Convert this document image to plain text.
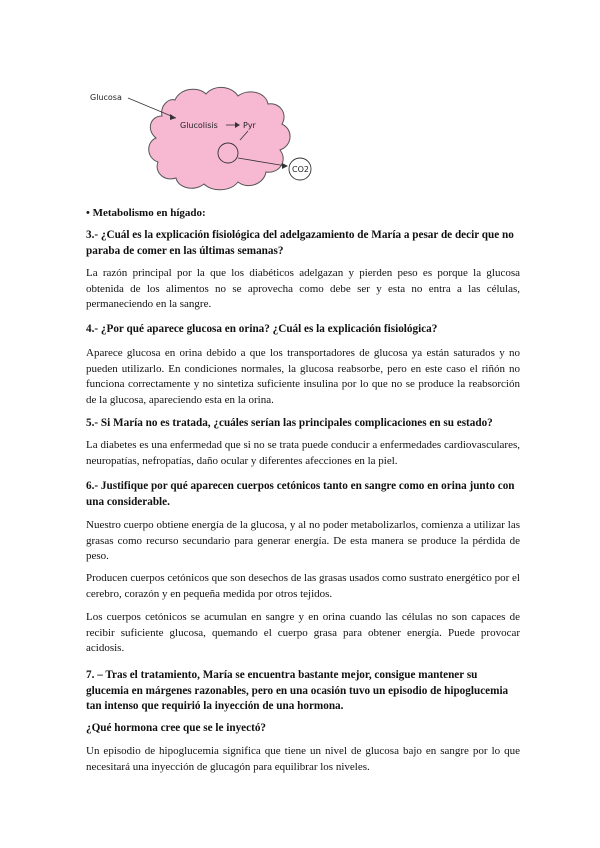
Glucosa
Glucolisis	Pyr
CO2

• Metabolismo en hígado:

3.- ¿Cuál es la explicación fisiológica del adelgazamiento de María a pesar de decir que no paraba de comer en las últimas semanas?

La razón principal por la que los diabéticos adelgazan y pierden peso es porque la glucosa obtenida de los alimentos no se aprovecha como debe ser y esta no entra a las células, permaneciendo en la sangre.

4.- ¿Por qué aparece glucosa en orina? ¿Cuál es la explicación fisiológica?

Aparece glucosa en orina debido a que los transportadores de glucosa ya están saturados y no pueden utilizarlo. En condiciones normales, la glucosa reabsorbe, pero en este caso el riñón no funciona correctamente y no sintetiza suficiente insulina por lo que no se produce la reabsorción de la glucosa, apareciendo esta en la orina.

5.- Si María no es tratada, ¿cuáles serían las principales complicaciones en su estado?

La diabetes es una enfermedad que si no se trata puede conducir a enfermedades cardiovasculares, neuropatías, nefropatías, daño ocular y diferentes afecciones en la piel.

6.- Justifique por qué aparecen cuerpos cetónicos tanto en sangre como en orina junto con una considerable.

Nuestro cuerpo obtiene energía de la glucosa, y al no poder metabolizarlos, comienza a utilizar las grasas como recurso secundario para generar energía. De esta manera se produce la pérdida de peso.

Producen cuerpos cetónicos que son desechos de las grasas usados como sustrato energético por el cerebro, corazón y en pequeña medida por otros tejidos.

Los cuerpos cetónicos se acumulan en sangre y en orina cuando las células no son capaces de recibir suficiente glucosa, quemando el cuerpo grasa para obtener energía. Puede provocar acidosis.

7. – Tras el tratamiento, María se encuentra bastante mejor, consigue mantener su glucemia en márgenes razonables, pero en una ocasión tuvo un episodio de hipoglucemia tan intenso que requirió la inyección de una hormona.

¿Qué hormona cree que se le inyectó?

Un episodio de hipoglucemia significa que tiene un nivel de glucosa bajo en sangre por lo que necesitará una inyección de glucagón para equilibrar los niveles.
